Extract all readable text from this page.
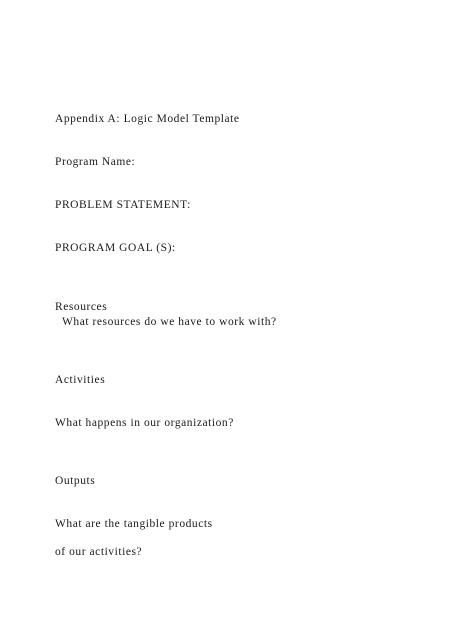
Appendix A: Logic Model Template

Program Name:

PROBLEM STATEMENT:

PROGRAM GOAL (S):

Resources

What resources do we have to work with?

Activities

What happens in our organization?

Outputs

What are the tangible products

of our activities?
